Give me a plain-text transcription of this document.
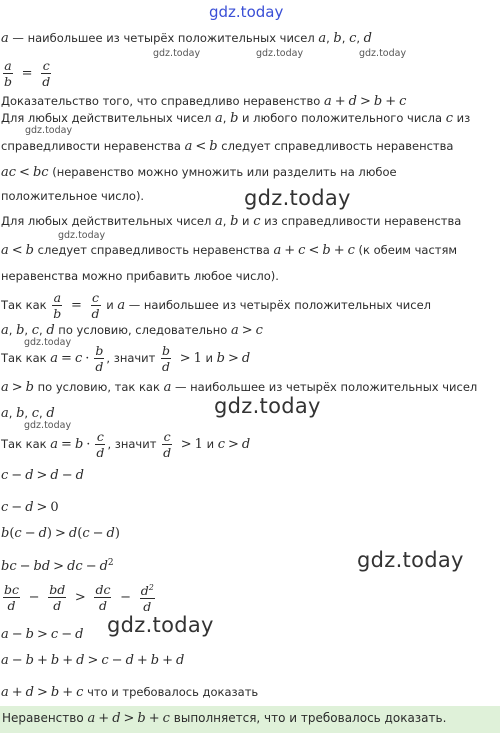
gdz.today
gdz.today	gdz.today	gdz.today
gdz.today
gdz.today
gdz.today
gdz.today
gdz.today
gdz.today
gdz.today
gdz.today
a — наибольшее из четырёх положительных чисел a, b, c, d
$\frac{a}{b} = \frac{c}{d}$
Доказательство того, что справедливо неравенство a + d > b + c
Для любых действительных чисел a, b и любого положительного числа c из
справедливости неравенства a < b следует справедливость неравенства
ac < bc (неравенство можно умножить или разделить на любое
положительное число).
Для любых действительных чисел a, b и c из справедливости неравенства
a < b следует справедливость неравенства a + c < b + c (к обеим частям
неравенства можно прибавить любое число).
Так как $\frac{a}{b} = \frac{c}{d}$ и a — наибольшее из четырёх положительных чисел
a, b, c, d по условию, следовательно a > c
Так как $a = c \cdot \frac{b}{d}$ , значит $\frac{b}{d} > 1$ и b > d
a > b по условию, так как a — наибольшее из четырёх положительных чисел
a, b, c, d
Так как $a = b \cdot \frac{c}{d}$ , значит $\frac{c}{d} > 1$ и c > d
c − d > d − d
c − d > 0
b(c − d) > d(c − d)
bc − bd > dc − $d^2$
$\frac{bc}{d} - \frac{bd}{d} > \frac{dc}{d} - \frac{d^2}{d}$
a − b > c − d
a − b + b + d > c − d + b + d
a + d > b + c что и требовалось доказать
Неравенство a + d > b + c выполняется, что и требовалось доказать.
